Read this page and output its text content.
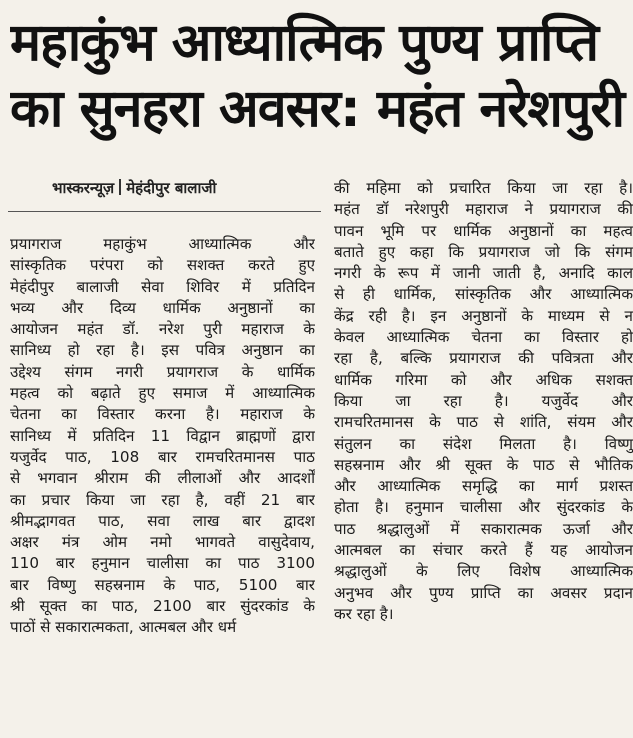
महाकुंभ आध्यात्मिक पुण्य प्राप्ति
का सुनहरा अवसर: महंत नरेशपुरी
भास्करन्यूज़ मेहंदीपुर बालाजी
प्रयागराज महाकुंभ आध्यात्मिक और
सांस्कृतिक परंपरा को सशक्त करते हुए
मेहंदीपुर बालाजी सेवा शिविर में प्रतिदिन
भव्य और दिव्य धार्मिक अनुष्ठानों का
आयोजन महंत डॉ. नरेश पुरी महाराज के
सानिध्य हो रहा है। इस पवित्र अनुष्ठान का
उद्देश्य संगम नगरी प्रयागराज के धार्मिक
महत्व को बढ़ाते हुए समाज में आध्यात्मिक
चेतना का विस्तार करना है। महाराज के
सानिध्य में प्रतिदिन 11 विद्वान ब्राह्मणों द्वारा
यजुर्वेद पाठ, 108 बार रामचरितमानस पाठ
से भगवान श्रीराम की लीलाओं और आदर्शों
का प्रचार किया जा रहा है, वहीं 21 बार
श्रीमद्भागवत पाठ, सवा लाख बार द्वादश
अक्षर मंत्र ओम नमो भागवते वासुदेवाय,
110 बार हनुमान चालीसा का पाठ 3100
बार विष्णु सहस्रनाम के पाठ, 5100 बार
श्री सूक्त का पाठ, 2100 बार सुंदरकांड के
पाठों से सकारात्मकता, आत्मबल और धर्म
की महिमा को प्रचारित किया जा रहा है।
महंत डॉ नरेशपुरी महाराज ने प्रयागराज की
पावन भूमि पर धार्मिक अनुष्ठानों का महत्व
बताते हुए कहा कि प्रयागराज जो कि संगम
नगरी के रूप में जानी जाती है, अनादि काल
से ही धार्मिक, सांस्कृतिक और आध्यात्मिक
केंद्र रही है। इन अनुष्ठानों के माध्यम से न
केवल आध्यात्मिक चेतना का विस्तार हो
रहा है, बल्कि प्रयागराज की पवित्रता और
धार्मिक गरिमा को और अधिक सशक्त
किया जा रहा है। यजुर्वेद और
रामचरितमानस के पाठ से शांति, संयम और
संतुलन का संदेश मिलता है। विष्णु
सहस्रनाम और श्री सूक्त के पाठ से भौतिक
और आध्यात्मिक समृद्धि का मार्ग प्रशस्त
होता है। हनुमान चालीसा और सुंदरकांड के
पाठ श्रद्धालुओं में सकारात्मक ऊर्जा और
आत्मबल का संचार करते हैं यह आयोजन
श्रद्धालुओं के लिए विशेष आध्यात्मिक
अनुभव और पुण्य प्राप्ति का अवसर प्रदान
कर रहा है।
